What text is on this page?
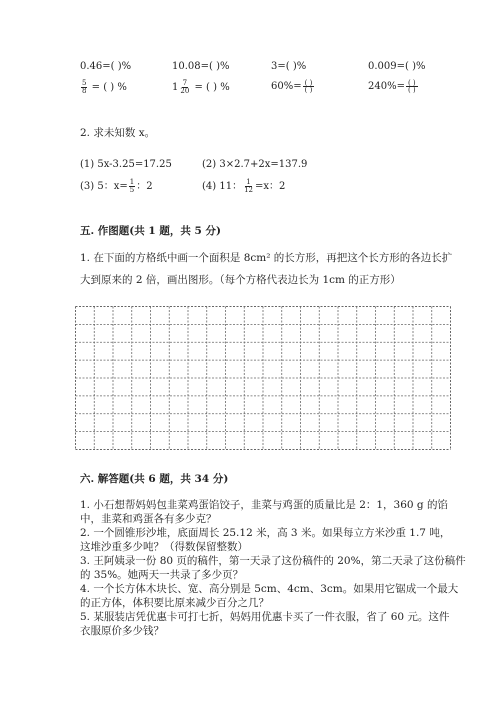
0.46=( )%	10.08=( )%	3=( )%	0.009=( )%
$\frac{5}{8}$ = ( ) %	$1 \frac{7}{20}$ = ( ) %	$60\%= \frac{( )}{( )}$	$240\%= \frac{( )}{( )}$
2. 求未知数 x。
(1) 5x-3.25=17.25	(2) 3×2.7+2x=137.9
(3) 5：$x= \frac{1}{5}$ ：2	(4) 11： $\frac{1}{12} =x$：2
五. 作图题(共 1 题，共 5 分)
1. 在下面的方格纸中画一个面积是 8cm² 的长方形，再把这个长方形的各边长扩
大到原来的 2 倍，画出图形。（每个方格代表边长为 1cm 的正方形）
六. 解答题(共 6 题，共 34 分)
1. 小石想帮妈妈包韭菜鸡蛋馅饺子，韭菜与鸡蛋的质量比是 2：1，360 g 的馅
中，韭菜和鸡蛋各有多少克？
2. 一个圆锥形沙堆，底面周长 25.12 米，高 3 米。如果每立方米沙重 1.7 吨，
这堆沙重多少吨？（得数保留整数）
3. 王阿姨录一份 80 页的稿件，第一天录了这份稿件的 20%，第二天录了这份稿件
的 35%。她两天一共录了多少页？
4. 一个长方体木块长、宽、高分别是 5cm、4cm、3cm。如果用它锯成一个最大
的正方体，体积要比原来减少百分之几？
5. 某服装店凭优惠卡可打七折，妈妈用优惠卡买了一件衣服，省了 60 元。这件
衣服原价多少钱？
